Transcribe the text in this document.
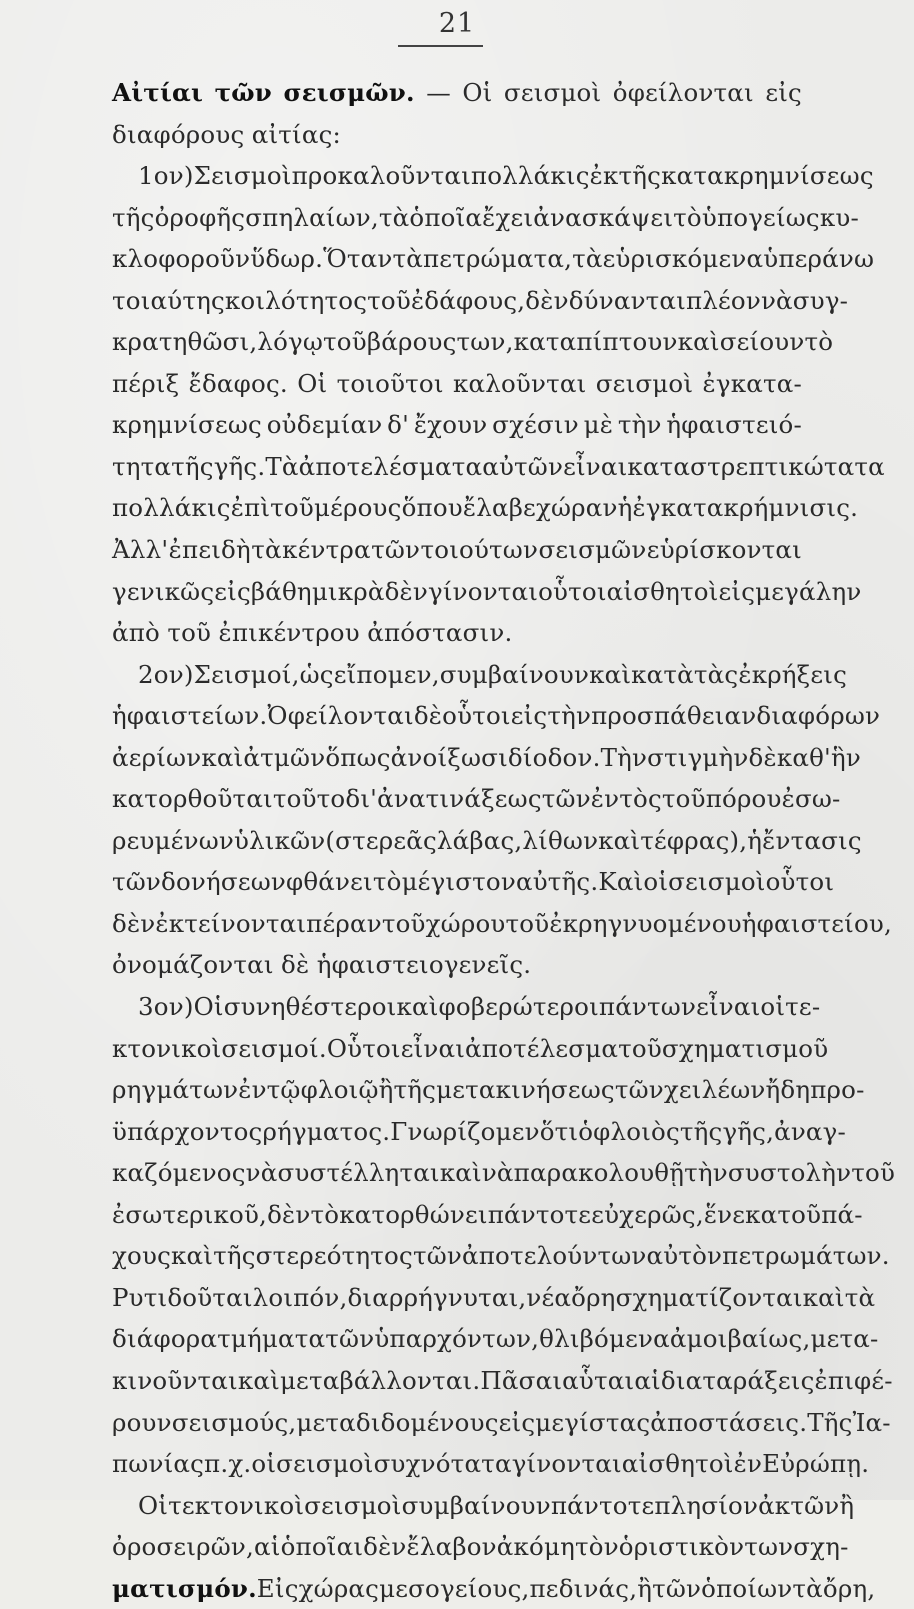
21
Αἰτίαι τῶν σεισμῶν. — Οἱ σεισμοὶ ὀφείλονται εἰς
διαφόρους αἰτίας:
1ον) Σεισμοὶ προκαλοῦνται πολλάκις ἐκ τῆς κατακρημνίσεως
τῆς ὀροφῆς σπηλαίων, τὰ ὁποῖα ἔχει ἀνασκάψει τὸ ὑπογείως κυ-
κλοφοροῦν ὕδωρ. Ὅταν τὰ πετρώματα, τὰ εὑρισκόμενα ὑπεράνω
τοιαύτης κοιλότητος τοῦ ἐδάφους, δὲν δύνανται πλέον νὰ συγ-
κρατηθῶσι, λόγῳ τοῦ βάρους των, καταπίπτουν καὶ σείουν τὸ
πέριξ ἔδαφος. Οἱ τοιοῦτοι καλοῦνται σεισμοὶ ἐγκατα-
κρημνίσεως οὐδεμίαν δ' ἔχουν σχέσιν μὲ τὴν ἡφαιστειό-
τητα τῆς γῆς. Τὰ ἀποτελέσματα αὐτῶν εἶναι καταστρεπτικώτατα
πολλάκις ἐπὶ τοῦ μέρους ὅπου ἔλαβε χώραν ἡ ἐγκατακρήμνισις.
Ἀλλ' ἐπειδὴ τὰ κέντρα τῶν τοιούτων σεισμῶν εὑρίσκονται
γενικῶς εἰς βάθη μικρὰ δὲν γίνονται οὗτοι αἰσθητοὶ εἰς μεγάλην
ἀπὸ τοῦ ἐπικέντρου ἀπόστασιν.
2ον) Σεισμοί, ὡς εἴπομεν, συμβαίνουν καὶ κατὰ τὰς ἐκρήξεις
ἡφαιστείων. Ὀφείλονται δὲ οὗτοι εἰς τὴν προσπάθειαν διαφόρων
ἀερίων καὶ ἀτμῶν ὅπως ἀνοίξωσι δίοδον. Τὴν στιγμὴν δὲ καθ' ἣν
κατορθοῦται τοῦτο δι' ἀνατινάξεως τῶν ἐντὸς τοῦ πόρου ἐσω-
ρευμένων ὑλικῶν (στερεᾶς λάβας, λίθων καὶ τέφρας), ἡ ἔντασις
τῶν δονήσεων φθάνει τὸ μέγιστον αὐτῆς. Καὶ οἱ σεισμοὶ οὗτοι
δὲν ἐκτείνονται πέραν τοῦ χώρου τοῦ ἐκρηγνυομένου ἡφαιστείου,
ὀνομάζονται δὲ ἡφαιστειογενεῖς.
3ον) Οἱ συνηθέστεροι καὶ φοβερώτεροι πάντων εἶναι οἱ τε-
κτονικοὶ σεισμοί. Οὗτοι εἶναι ἀποτέλεσμα τοῦ σχηματισμοῦ
ρηγμάτων ἐν τῷ φλοιῷ ἢ τῆς μετακινήσεως τῶν χειλέων ἤδη προ-
ϋπάρχοντος ρήγματος. Γνωρίζομεν ὅτι ὁ φλοιὸς τῆς γῆς, ἀναγ-
καζόμενος νὰ συστέλληται καὶ νὰ παρακολουθῇ τὴν συστολὴν τοῦ
ἐσωτερικοῦ, δὲν τὸ κατορθώνει πάντοτε εὐχερῶς, ἕνεκα τοῦ πά-
χους καὶ τῆς στερεότητος τῶν ἀποτελούντων αὐτὸν πετρωμάτων.
Ρυτιδοῦται λοιπόν, διαρρήγνυται, νέα ὄρη σχηματίζονται καὶ τὰ
διάφορα τμήματα τῶν ὑπαρχόντων, θλιβόμενα ἀμοιβαίως, μετα-
κινοῦνται καὶ μεταβάλλονται. Πᾶσαι αὗται αἱ διαταράξεις ἐπιφέ-
ρουν σεισμούς, μεταδιδομένους εἰς μεγίστας ἀποστάσεις. Τῆς Ἰα-
πωνίας π.χ. οἱ σεισμοὶ συχνότατα γίνονται αἰσθητοὶ ἐν Εὐρώπῃ.
Οἱ τεκτονικοὶ σεισμοὶ συμβαίνουν πάντοτε πλησίον ἀκτῶν ἢ
ὀροσειρῶν, αἱ ὁποῖαι δὲν ἔλαβον ἀκόμη τὸν ὁριστικὸν των σχη-
ματισμόν. Εἰς χώρας μεσογείους, πεδινάς, ἢ τῶν ὁποίων τὰ ὄρη,
